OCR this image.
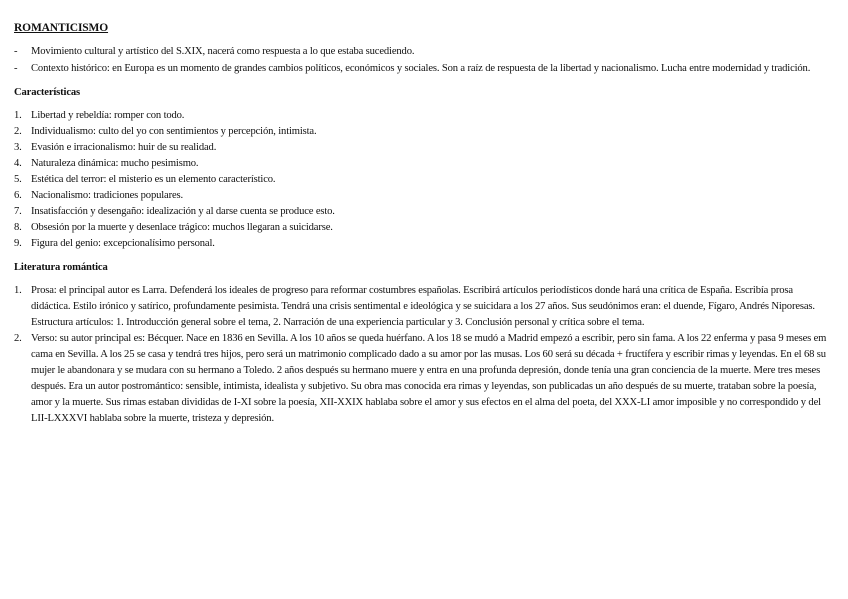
ROMANTICISMO
- Movimiento cultural y artístico del S.XIX, nacerá como respuesta a lo que estaba sucediendo.
- Contexto histórico: en Europa es un momento de grandes cambios políticos, económicos y sociales. Son a raíz de respuesta de la libertad y nacionalismo. Lucha entre modernidad y tradición.
Características
1. Libertad y rebeldía: romper con todo.
2. Individualismo: culto del yo con sentimientos y percepción, intimista.
3. Evasión e irracionalismo: huir de su realidad.
4. Naturaleza dinámica: mucho pesimismo.
5. Estética del terror: el misterio es un elemento característico.
6. Nacionalismo: tradiciones populares.
7. Insatisfacción y desengaño: idealización y al darse cuenta se produce esto.
8. Obsesión por la muerte y desenlace trágico: muchos llegaran a suicidarse.
9. Figura del genio: excepcionalísimo personal.
Literatura romántica
1. Prosa: el principal autor es Larra. Defenderá los ideales de progreso para reformar costumbres españolas. Escribirá artículos periodísticos donde hará una crítica de España. Escribía prosa didáctica. Estilo irónico y satírico, profundamente pesimista. Tendrá una crisis sentimental e ideológica y se suicidara a los 27 años. Sus seudónimos eran: el duende, Fígaro, Andrés Niporesas. Estructura artículos: 1. Introducción general sobre el tema, 2. Narración de una experiencia particular y 3. Conclusión personal y crítica sobre el tema.
2. Verso: su autor principal es: Bécquer. Nace en 1836 en Sevilla. A los 10 años se queda huérfano. A los 18 se mudó a Madrid empezó a escribir, pero sin fama. A los 22 enferma y pasa 9 meses em cama en Sevilla. A los 25 se casa y tendrá tres hijos, pero será un matrimonio complicado dado a su amor por las musas. Los 60 será su década + fructífera y escribir rimas y leyendas. En el 68 su mujer le abandonara y se mudara con su hermano a Toledo. 2 años después su hermano muere y entra en una profunda depresión, donde tenía una gran conciencia de la muerte. Mere tres meses después. Era un autor postromántico: sensible, intimista, idealista y subjetivo. Su obra mas conocida era rimas y leyendas, son publicadas un año después de su muerte, trataban sobre la poesía, amor y la muerte. Sus rimas estaban divididas de I-XI sobre la poesía, XII-XXIX hablaba sobre el amor y sus efectos en el alma del poeta, del XXX-LI amor imposible y no correspondido y del LII-LXXXVI hablaba sobre la muerte, tristeza y depresión.
